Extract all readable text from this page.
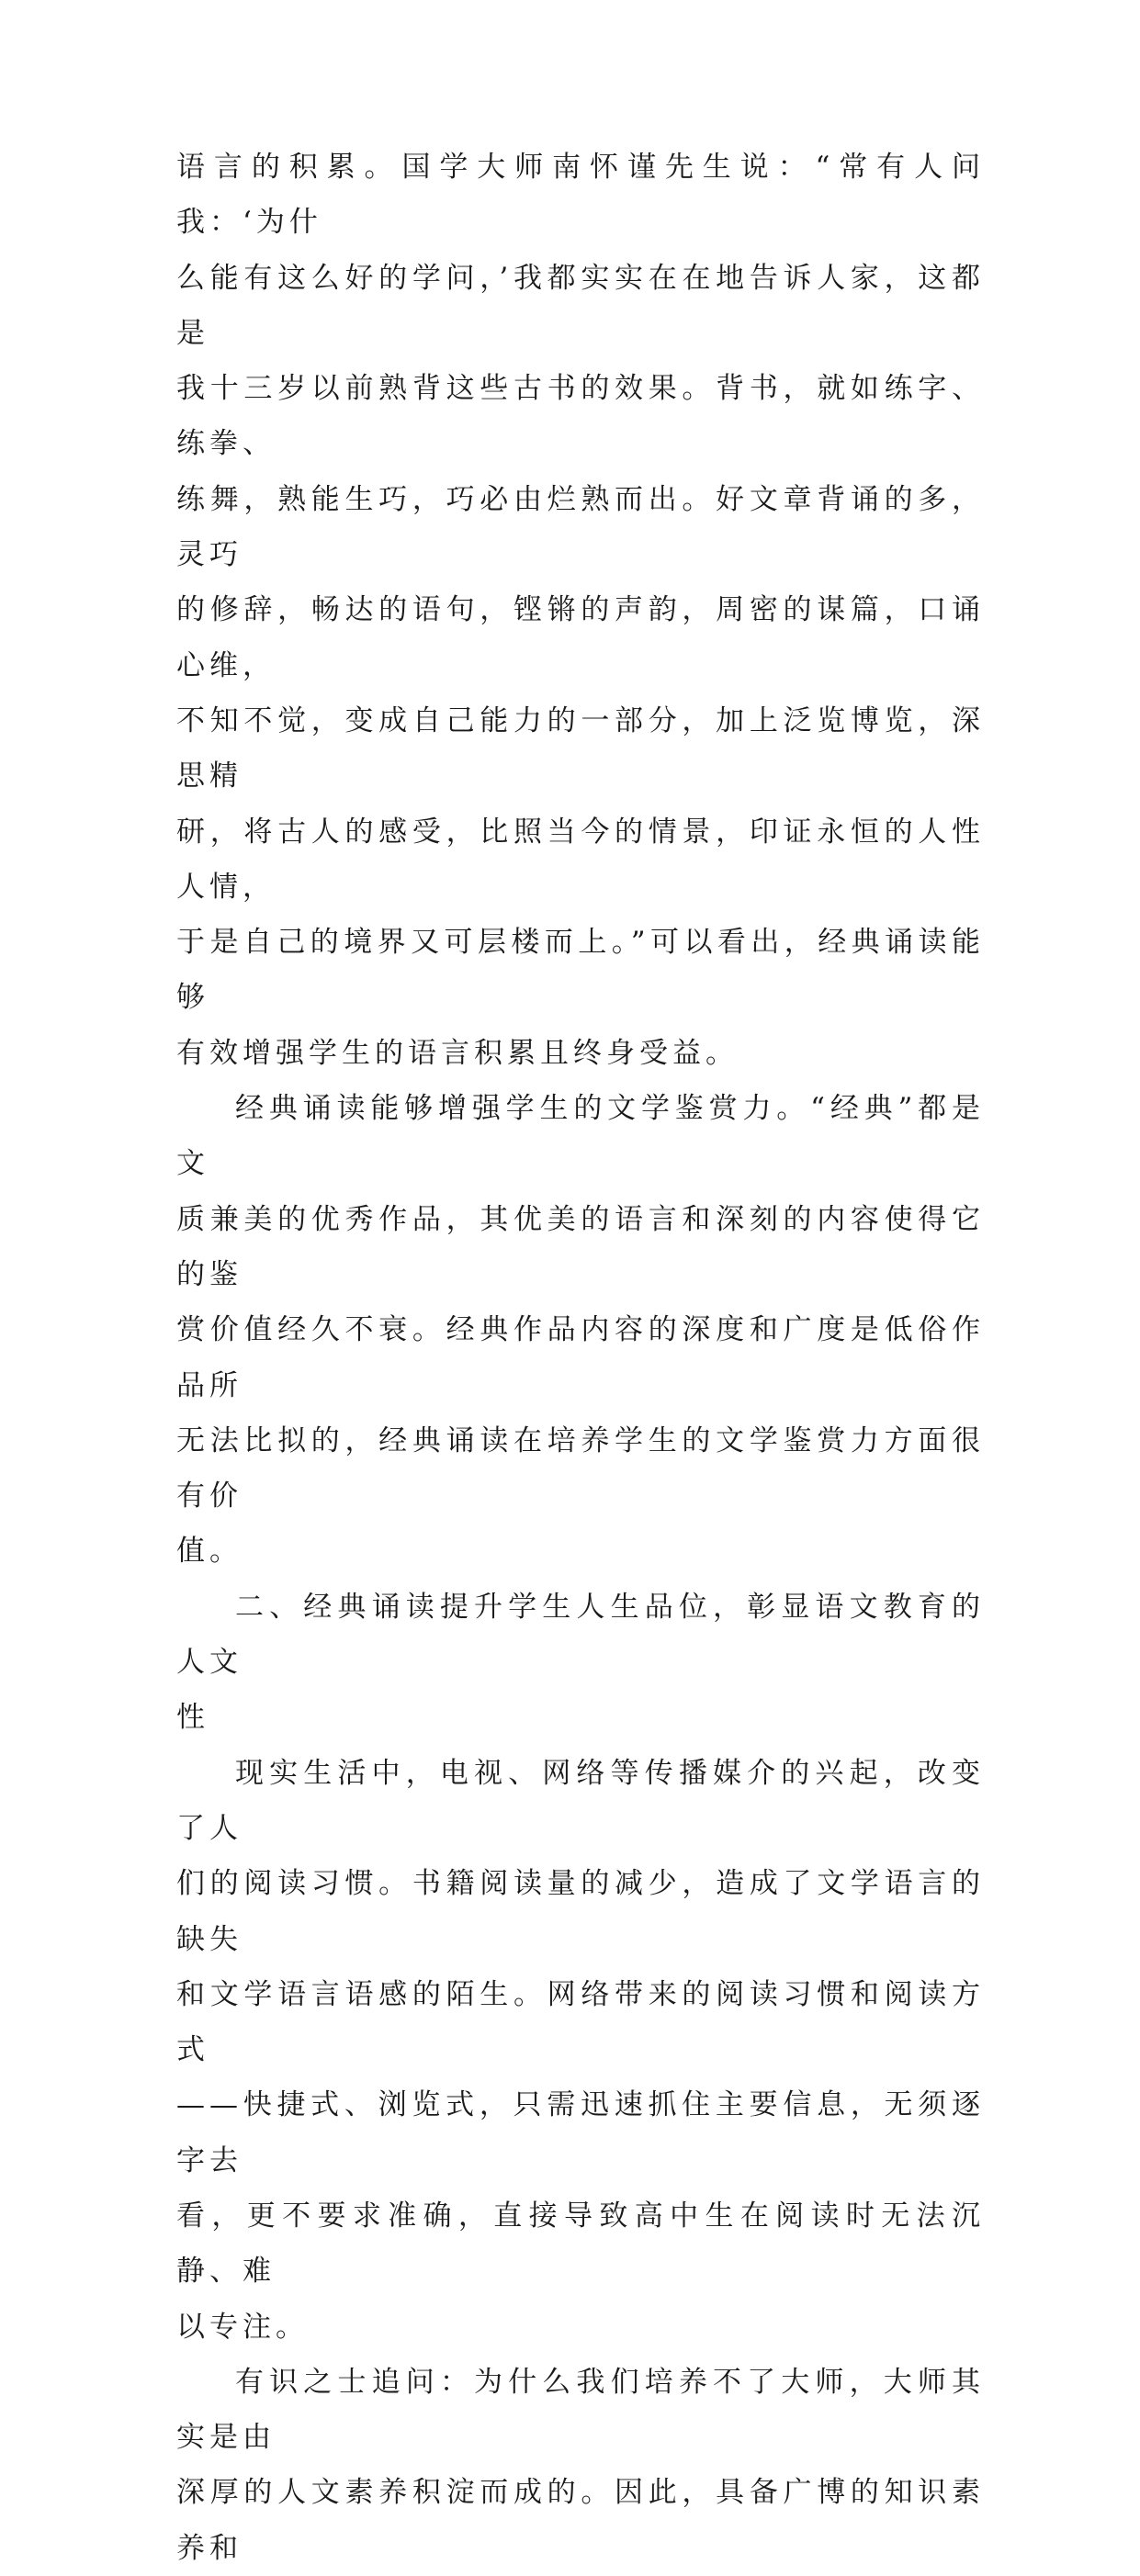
语言的积累。国学大师南怀谨先生说：“常有人问我：‘为什
么能有这么好的学问，’我都实实在在地告诉人家，这都是
我十三岁以前熟背这些古书的效果。背书，就如练字、练拳、
练舞，熟能生巧，巧必由烂熟而出。好文章背诵的多，灵巧
的修辞，畅达的语句，铿锵的声韵，周密的谋篇，口诵心维，
不知不觉，变成自己能力的一部分，加上泛览博览，深思精
研，将古人的感受，比照当今的情景，印证永恒的人性人情，
于是自己的境界又可层楼而上。”可以看出，经典诵读能够
有效增强学生的语言积累且终身受益。

经典诵读能够增强学生的文学鉴赏力。“经典”都是文
质兼美的优秀作品，其优美的语言和深刻的内容使得它的鉴
赏价值经久不衰。经典作品内容的深度和广度是低俗作品所
无法比拟的，经典诵读在培养学生的文学鉴赏力方面很有价
值。

二、经典诵读提升学生人生品位，彰显语文教育的人文
性

现实生活中，电视、网络等传播媒介的兴起，改变了人
们的阅读习惯。书籍阅读量的减少，造成了文学语言的缺失
和文学语言语感的陌生。网络带来的阅读习惯和阅读方式
——快捷式、浏览式，只需迅速抓住主要信息，无须逐字去
看，更不要求准确，直接导致高中生在阅读时无法沉静、难
以专注。

有识之士追问：为什么我们培养不了大师，大师其实是由
深厚的人文素养积淀而成的。因此，具备广博的知识素养和
